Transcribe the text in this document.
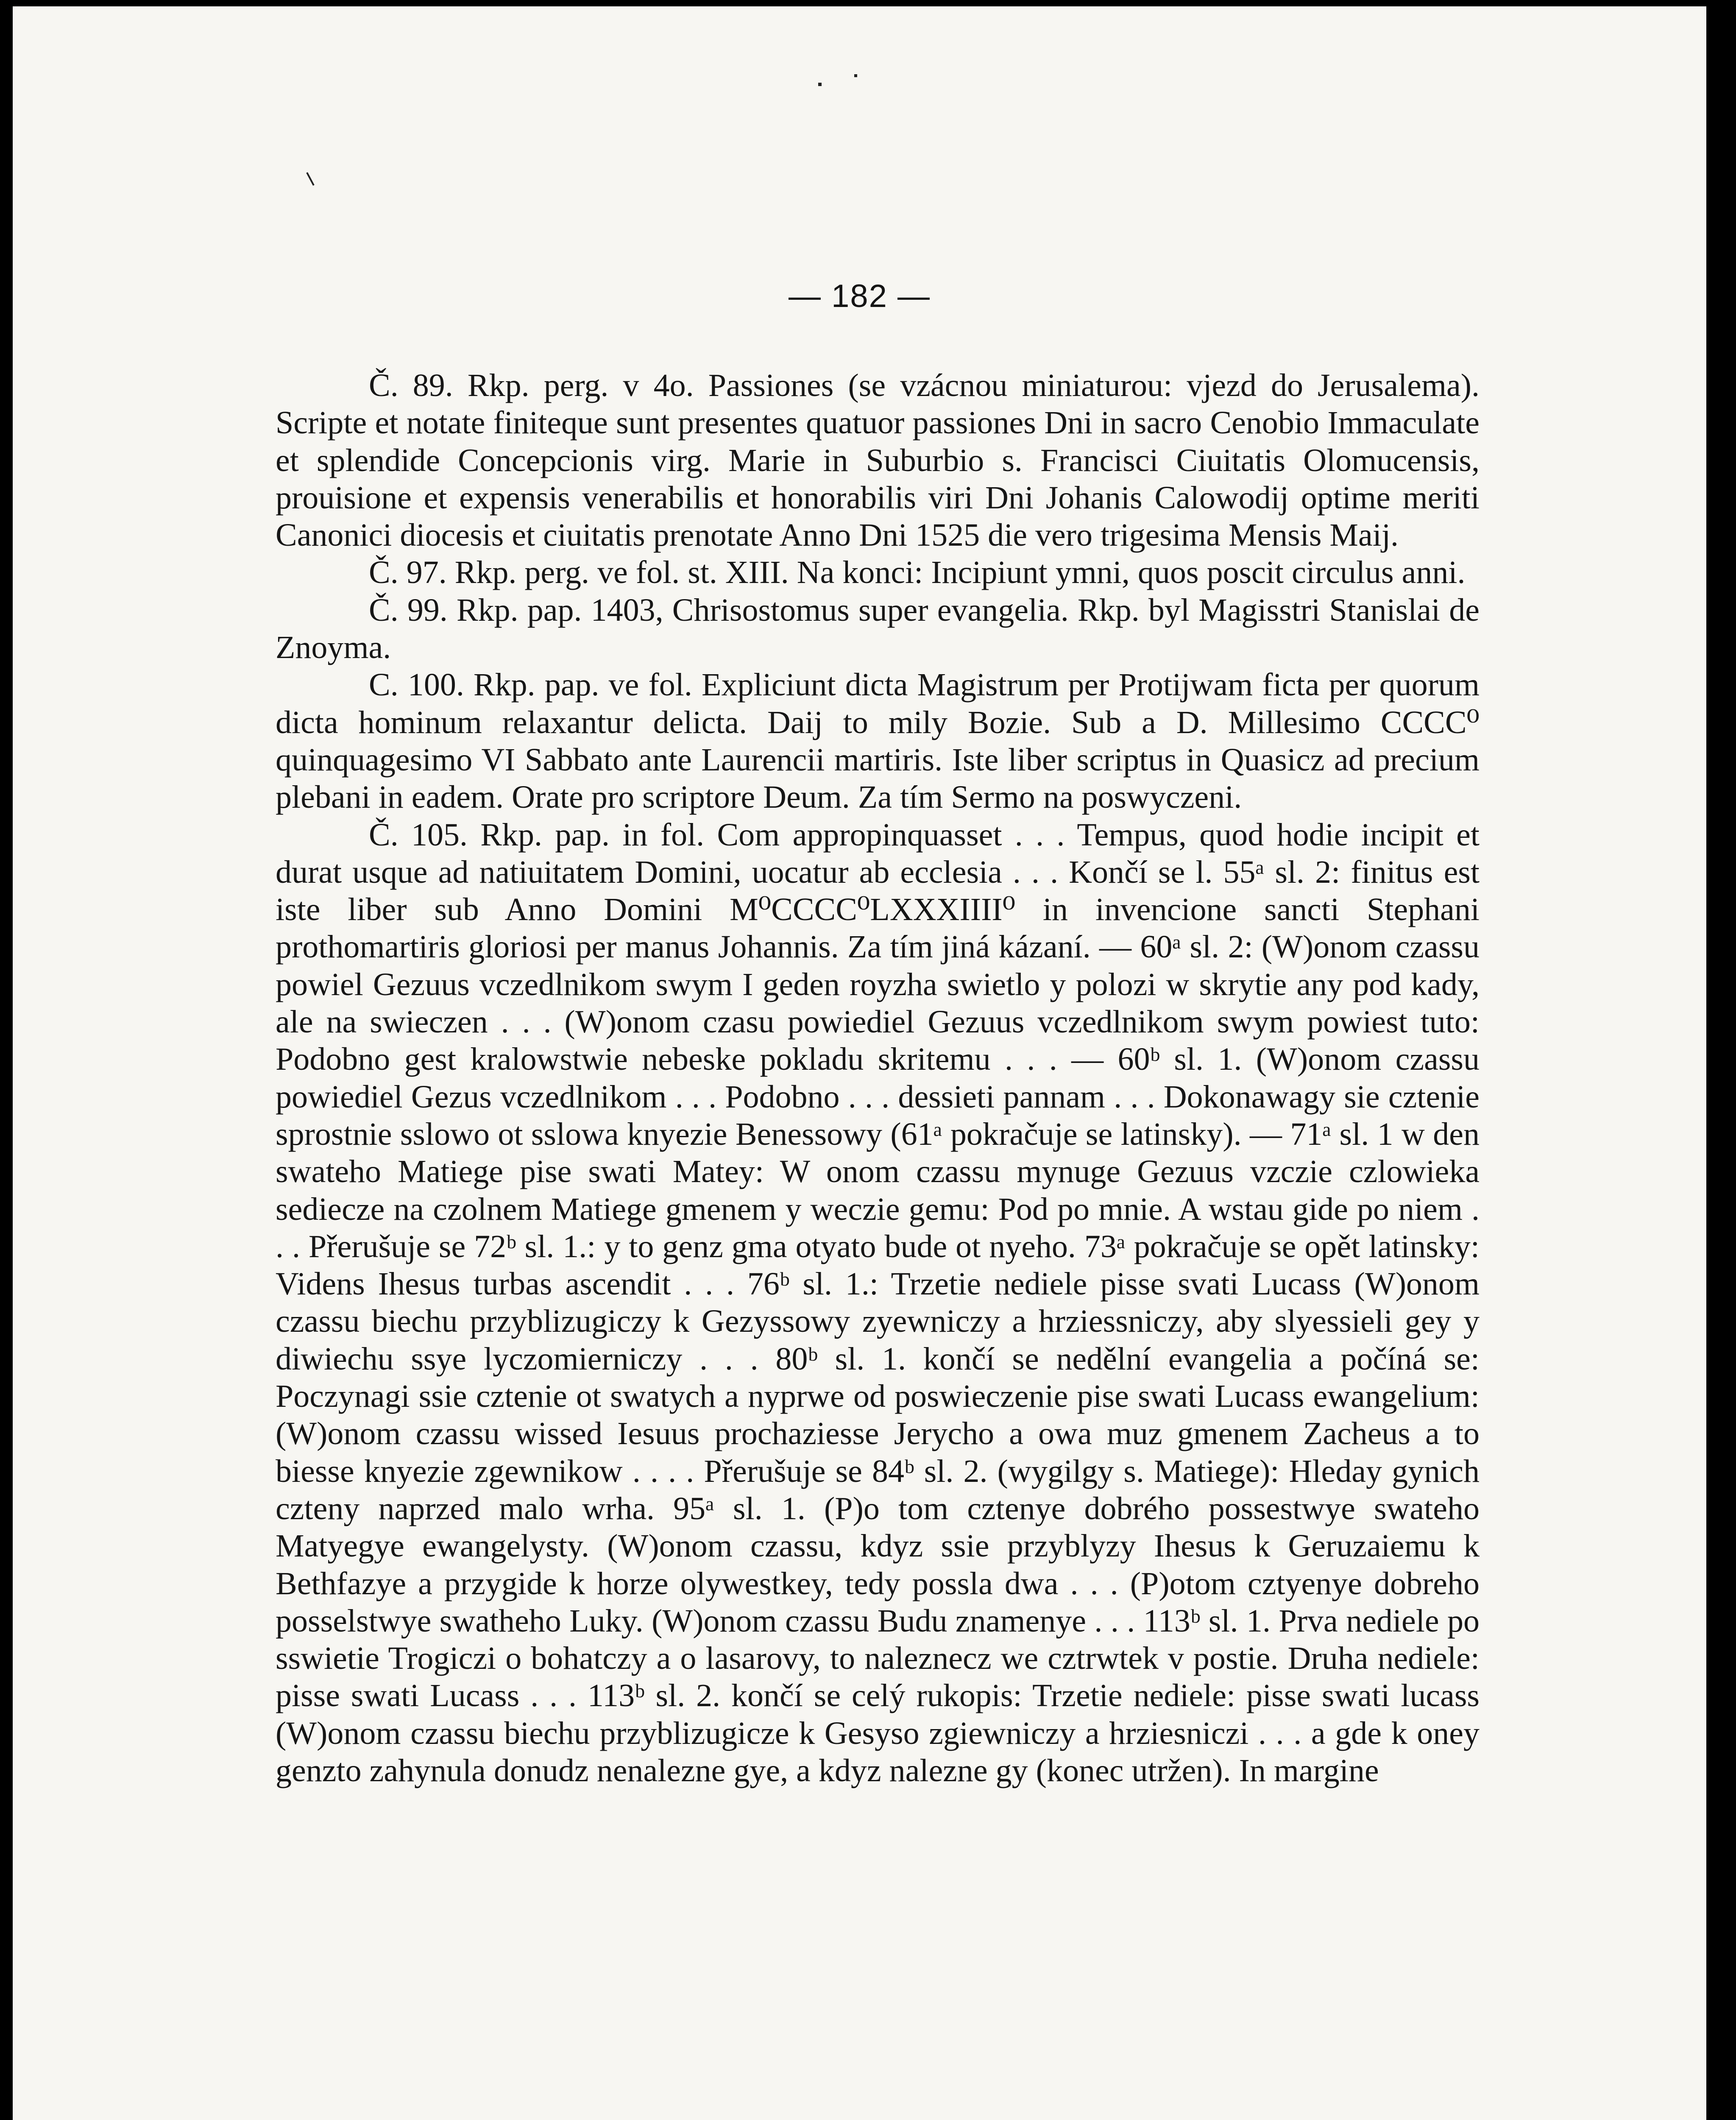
— 182 —

Č. 89. Rkp. perg. v 4o. Passiones (se vzácnou miniaturou: vjezd do Jerusalema). Scripte et notate finiteque sunt presentes quatuor passiones Dni in sacro Cenobio Immaculate et splendide Concepcionis virg. Marie in Suburbio s. Francisci Ciuitatis Olomucensis, prouisione et expensis venerabilis et honorabilis viri Dni Johanis Calowodij optime meriti Canonici diocesis et ciuitatis prenotate Anno Dni 1525 die vero trigesima Mensis Maij.

Č. 97. Rkp. perg. ve fol. st. XIII. Na konci: Incipiunt ymni, quos poscit circulus anni.

Č. 99. Rkp. pap. 1403, Chrisostomus super evangelia. Rkp. byl Magisstri Stanislai de Znoyma.

C. 100. Rkp. pap. ve fol. Expliciunt dicta Magistrum per Protijwam ficta per quorum dicta hominum relaxantur delicta. Daij to mily Bozie. Sub a D. Millesimo CCCC⁰ quinquagesimo VI Sabbato ante Laurencii martiris. Iste liber scriptus in Quasicz ad precium plebani in eadem. Orate pro scriptore Deum. Za tím Sermo na poswyczeni.

Č. 105. Rkp. pap. in fol. Com appropinquasset . . . Tempus, quod hodie incipit et durat usque ad natiuitatem Domini, uocatur ab ecclesia . . . Končí se l. 55ᵃ sl. 2: finitus est iste liber sub Anno Domini M⁰CCCC⁰LXXXIIII⁰ in invencione sancti Stephani prothomartiris gloriosi per manus Johannis. Za tím jiná kázaní. — 60ᵃ sl. 2: (W)onom czassu powiel Gezuus vczedlnikom swym I geden royzha swietlo y polozi w skrytie any pod kady, ale na swieczen . . . (W)onom czasu powiediel Gezuus vczedlnikom swym powiest tuto: Podobno gest kralowstwie nebeske pokladu skritemu . . . — 60ᵇ sl. 1. (W)onom czassu powiediel Gezus vczedlnikom . . . Podobno . . . dessieti pannam . . . Dokonawagy sie cztenie sprostnie sslowo ot sslowa knyezie Benessowy (61ᵃ pokračuje se latinsky). — 71ᵃ sl. 1 w den swateho Matiege pise swati Matey: W onom czassu mynuge Gezuus vzczie czlowieka sediecze na czolnem Matiege gmenem y weczie gemu: Pod po mnie. A wstau gide po niem . . . Přerušuje se 72ᵇ sl. 1.: y to genz gma otyato bude ot nyeho. 73ᵃ pokračuje se opět latinsky: Videns Ihesus turbas ascendit . . . 76ᵇ sl. 1.: Trzetie nediele pisse svati Lucass (W)onom czassu biechu przyblizugiczy k Gezyssowy zyewniczy a hrziessniczy, aby slyessieli gey y diwiechu ssye lyczomierniczy . . . 80ᵇ sl. 1. končí se nedělní evangelia a počíná se: Poczynagi ssie cztenie ot swatych a nyprwe od poswieczenie pise swati Lucass ewangelium: (W)onom czassu wissed Iesuus prochaziesse Jerycho a owa muz gmenem Zacheus a to biesse knyezie zgewnikow . . . . Přerušuje se 84ᵇ sl. 2. (wygilgy s. Matiege): Hleday gynich czteny naprzed malo wrha. 95ᵃ sl. 1. (P)o tom cztenye dobrého possestwye swateho Matyegye ewangelysty. (W)onom czassu, kdyz ssie przyblyzy Ihesus k Geruzaiemu k Bethfazye a przygide k horze olywestkey, tedy possla dwa . . . (P)otom cztyenye dobreho posselstwye swatheho Luky. (W)onom czassu Budu znamenye . . . 113ᵇ sl. 1. Prva nediele po sswietie Trogiczi o bohatczy a o lasarovy, to naleznecz we cztrwtek v postie. Druha nediele: pisse swati Lucass . . . 113ᵇ sl. 2. končí se celý rukopis: Trzetie nediele: pisse swati lucass (W)onom czassu biechu przyblizugicze k Gesyso zgiewniczy a hrziesniczi . . . a gde k oney genzto zahynula donudz nenalezne gye, a kdyz nalezne gy (konec utržen). In margine
